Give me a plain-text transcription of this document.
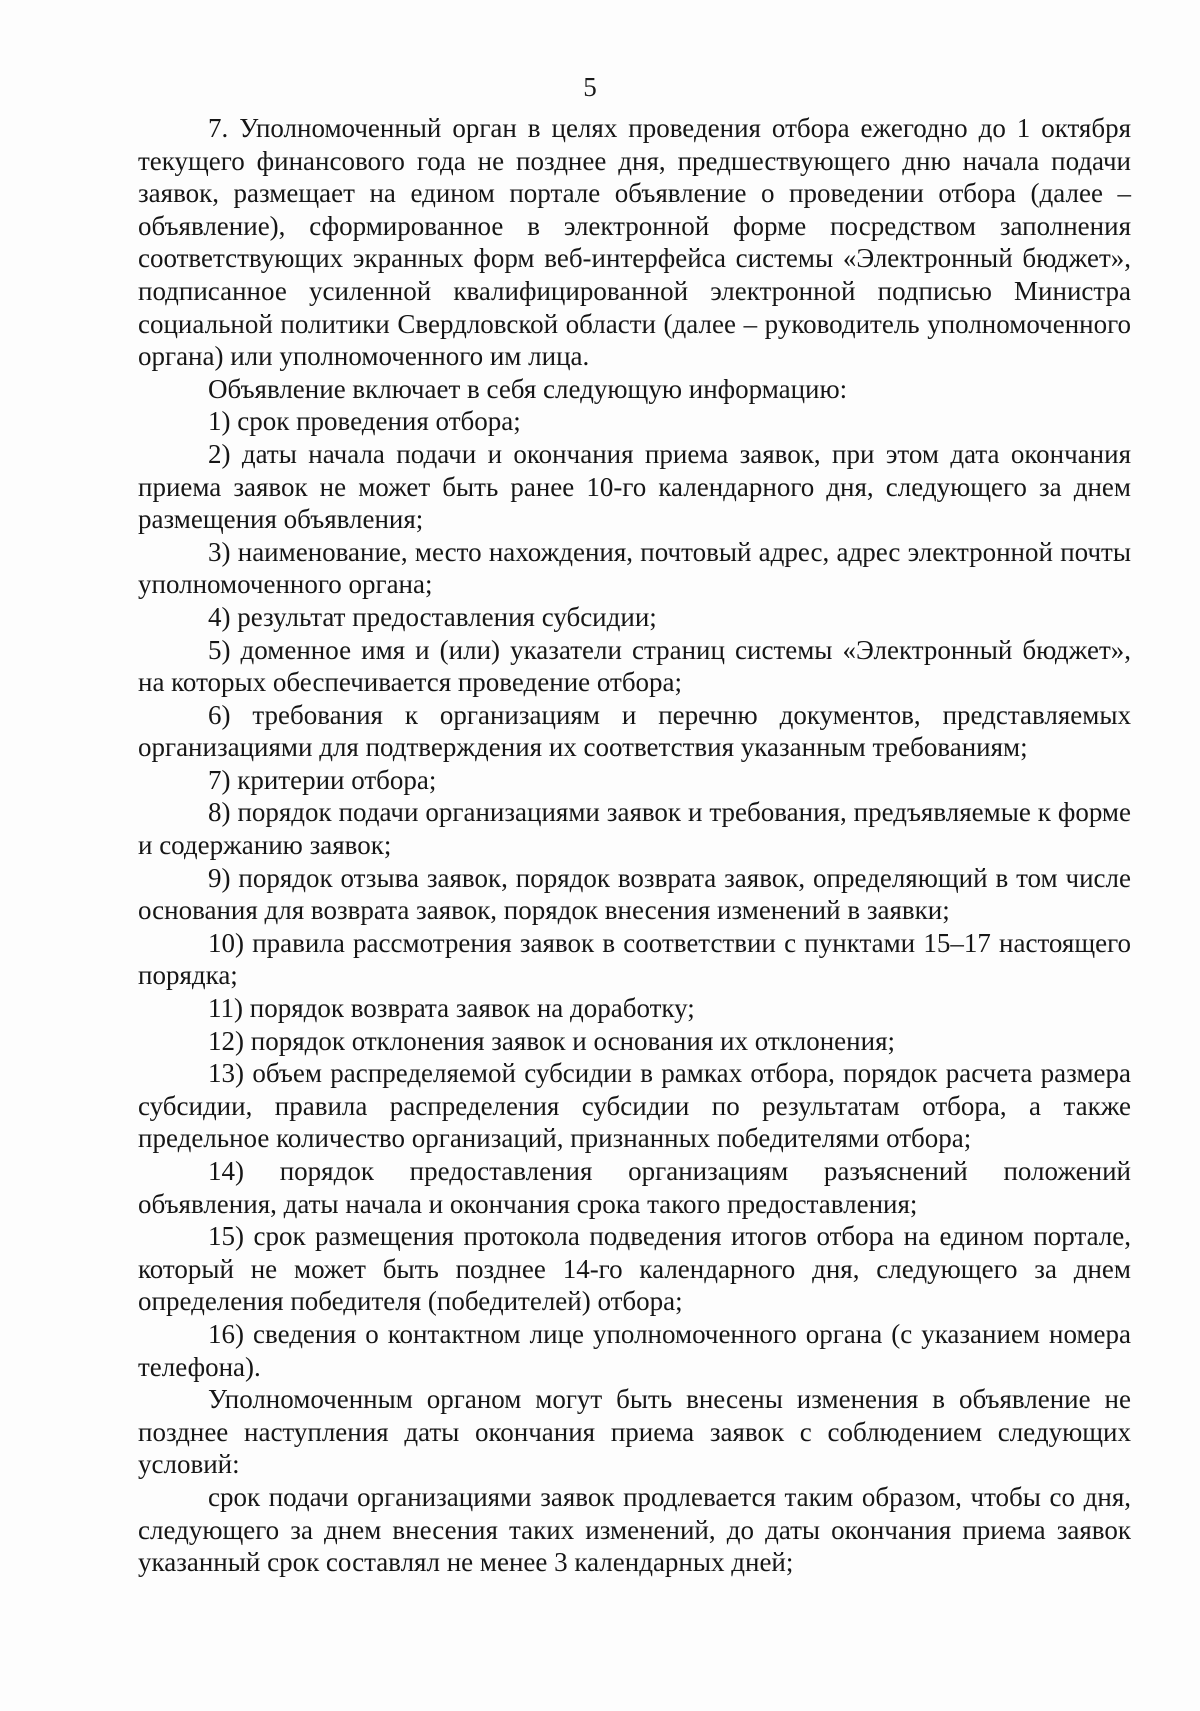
5

7. Уполномоченный орган в целях проведения отбора ежегодно до 1 октября текущего финансового года не позднее дня, предшествующего дню начала подачи заявок, размещает на едином портале объявление о проведении отбора (далее – объявление), сформированное в электронной форме посредством заполнения соответствующих экранных форм веб-интерфейса системы «Электронный бюджет», подписанное усиленной квалифицированной электронной подписью Министра социальной политики Свердловской области (далее – руководитель уполномоченного органа) или уполномоченного им лица.

Объявление включает в себя следующую информацию:

1) срок проведения отбора;

2) даты начала подачи и окончания приема заявок, при этом дата окончания приема заявок не может быть ранее 10-го календарного дня, следующего за днем размещения объявления;

3) наименование, место нахождения, почтовый адрес, адрес электронной почты уполномоченного органа;

4) результат предоставления субсидии;

5) доменное имя и (или) указатели страниц системы «Электронный бюджет», на которых обеспечивается проведение отбора;

6) требования к организациям и перечню документов, представляемых организациями для подтверждения их соответствия указанным требованиям;

7) критерии отбора;

8) порядок подачи организациями заявок и требования, предъявляемые к форме и содержанию заявок;

9) порядок отзыва заявок, порядок возврата заявок, определяющий в том числе основания для возврата заявок, порядок внесения изменений в заявки;

10) правила рассмотрения заявок в соответствии с пунктами 15–17 настоящего порядка;

11) порядок возврата заявок на доработку;

12) порядок отклонения заявок и основания их отклонения;

13) объем распределяемой субсидии в рамках отбора, порядок расчета размера субсидии, правила распределения субсидии по результатам отбора, а также предельное количество организаций, признанных победителями отбора;

14) порядок предоставления организациям разъяснений положений объявления, даты начала и окончания срока такого предоставления;

15) срок размещения протокола подведения итогов отбора на едином портале, который не может быть позднее 14-го календарного дня, следующего за днем определения победителя (победителей) отбора;

16) сведения о контактном лице уполномоченного органа (с указанием номера телефона).

Уполномоченным органом могут быть внесены изменения в объявление не позднее наступления даты окончания приема заявок с соблюдением следующих условий:

срок подачи организациями заявок продлевается таким образом, чтобы со дня, следующего за днем внесения таких изменений, до даты окончания приема заявок указанный срок составлял не менее 3 календарных дней;
